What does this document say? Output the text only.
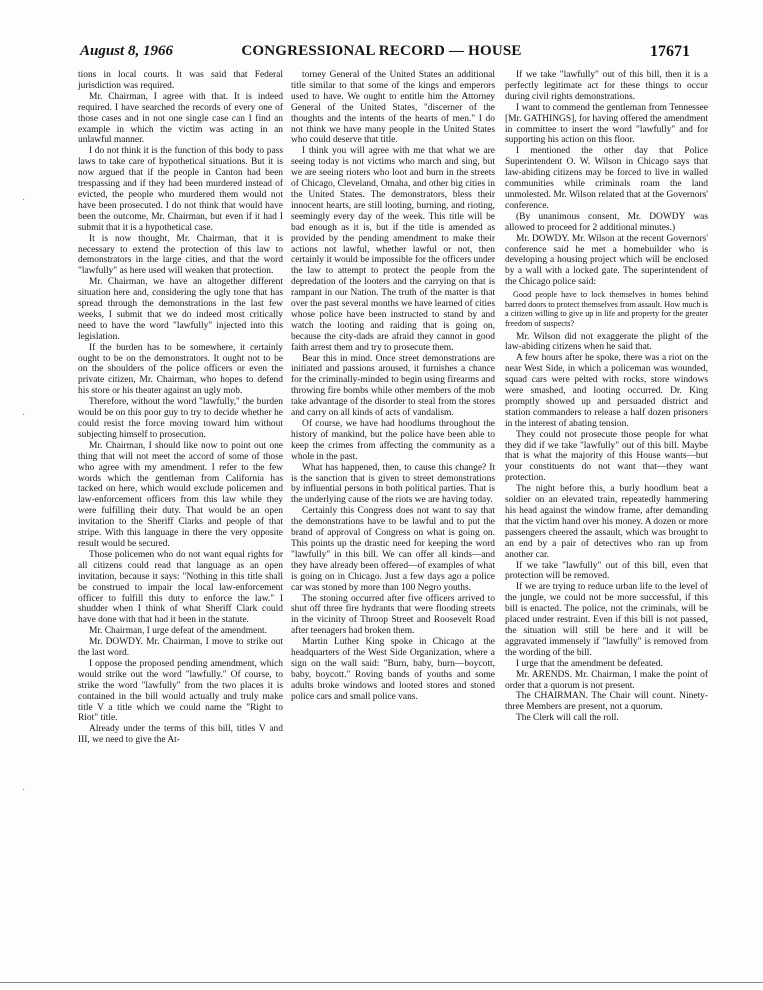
August 8, 1966	CONGRESSIONAL RECORD — HOUSE	17671

tions in local courts. It was said that Federal jurisdiction was required.

Mr. Chairman, I agree with that. It is indeed required. I have searched the records of every one of those cases and in not one single case can I find an example in which the victim was acting in an unlawful manner.

I do not think it is the function of this body to pass laws to take care of hypothetical situations. But it is now argued that if the people in Canton had been trespassing and if they had been murdered instead of evicted, the people who murdered them would not have been prosecuted. I do not think that would have been the outcome, Mr. Chairman, but even if it had I submit that it is a hypothetical case.

It is now thought, Mr. Chairman, that it is necessary to extend the protection of this law to demonstrators in the large cities, and that the word "lawfully" as here used will weaken that protection.

Mr. Chairman, we have an altogether different situation here and, considering the ugly tone that has spread through the demonstrations in the last few weeks, I submit that we do indeed most critically need to have the word "lawfully" injected into this legislation.

If the burden has to be somewhere, it certainly ought to be on the demonstrators. It ought not to be on the shoulders of the police officers or even the private citizen, Mr. Chairman, who hopes to defend his store or his theater against an ugly mob.

Therefore, without the word "lawfully," the burden would be on this poor guy to try to decide whether he could resist the force moving toward him without subjecting himself to prosecution.

Mr. Chairman, I should like now to point out one thing that will not meet the accord of some of those who agree with my amendment. I refer to the few words which the gentleman from California has tacked on here, which would exclude policemen and law-enforcement officers from this law while they were fulfilling their duty. That would be an open invitation to the Sheriff Clarks and people of that stripe. With this language in there the very opposite result would be secured.

Those policemen who do not want equal rights for all citizens could read that language as an open invitation, because it says: "Nothing in this title shall be construed to impair the local law-enforcement officer to fulfill this duty to enforce the law." I shudder when I think of what Sheriff Clark could have done with that had it been in the statute.

Mr. Chairman, I urge defeat of the amendment.

Mr. DOWDY. Mr. Chairman, I move to strike out the last word.

I oppose the proposed pending amendment, which would strike out the word "lawfully." Of course, to strike the word "lawfully" from the two places it is contained in the bill would actually and truly make title V a title which we could name the "Right to Riot" title.

Already under the terms of this bill, titles V and III, we need to give the At-

torney General of the United States an additional title similar to that some of the kings and emperors used to have. We ought to entitle him the Attorney General of the United States, "discerner of the thoughts and the intents of the hearts of men." I do not think we have many people in the United States who could deserve that title.

I think you will agree with me that what we are seeing today is not victims who march and sing, but we are seeing rioters who loot and burn in the streets of Chicago, Cleveland, Omaha, and other big cities in the United States. The demonstrators, bless their innocent hearts, are still looting, burning, and rioting, seemingly every day of the week. This title will be bad enough as it is, but if the title is amended as provided by the pending amendment to make their actions not lawful, whether lawful or not, then certainly it would be impossible for the officers under the law to attempt to protect the people from the depredation of the looters and the carrying on that is rampant in our Nation. The truth of the matter is that over the past several months we have learned of cities whose police have been instructed to stand by and watch the looting and raiding that is going on, because the city-dads are afraid they cannot in good faith arrest them and try to prosecute them.

Bear this in mind. Once street demonstrations are initiated and passions aroused, it furnishes a chance for the criminally-minded to begin using firearms and throwing fire bombs while other members of the mob take advantage of the disorder to steal from the stores and carry on all kinds of acts of vandalism.

Of course, we have had hoodlums throughout the history of mankind, but the police have been able to keep the crimes from affecting the community as a whole in the past.

What has happened, then, to cause this change? It is the sanction that is given to street demonstrations by influential persons in both political parties. That is the underlying cause of the riots we are having today.

Certainly this Congress does not want to say that the demonstrations have to be lawful and to put the brand of approval of Congress on what is going on. This points up the drastic need for keeping the word "lawfully" in this bill. We can offer all kinds—and they have already been offered—of examples of what is going on in Chicago. Just a few days ago a police car was stoned by more than 100 Negro youths.

The stoning occurred after five officers arrived to shut off three fire hydrants that were flooding streets in the vicinity of Throop Street and Roosevelt Road after teenagers had broken them.

Martin Luther King spoke in Chicago at the headquarters of the West Side Organization, where a sign on the wall said: "Burn, baby, burn—boycott, baby, boycott." Roving bands of youths and some adults broke windows and looted stores and stoned police cars and small police vans.

If we take "lawfully" out of this bill, then it is a perfectly legitimate act for these things to occur during civil rights demonstrations.

I want to commend the gentleman from Tennessee [Mr. GATHINGS], for having offered the amendment in committee to insert the word "lawfully" and for supporting his action on this floor.

I mentioned the other day that Police Superintendent O. W. Wilson in Chicago says that law-abiding citizens may be forced to live in walled communities while criminals roam the land unmolested. Mr. Wilson related that at the Governors' conference.

(By unanimous consent, Mr. DOWDY was allowed to proceed for 2 additional minutes.)

Mr. DOWDY. Mr. Wilson at the recent Governors' conference said he met a homebuilder who is developing a housing project which will be enclosed by a wall with a locked gate. The superintendent of the Chicago police said:

Good people have to lock themselves in homes behind barred doors to protect themselves from assault. How much is a citizen willing to give up in life and property for the greater freedom of suspects?

Mr. Wilson did not exaggerate the plight of the law-abiding citizens when he said that.

A few hours after he spoke, there was a riot on the near West Side, in which a policeman was wounded, squad cars were pelted with rocks, store windows were smashed, and looting occurred. Dr. King promptly showed up and persuaded district and station commanders to release a half dozen prisoners in the interest of abating tension.

They could not prosecute those people for what they did if we take "lawfully" out of this bill. Maybe that is what the majority of this House wants—but your constituents do not want that—they want protection.

The night before this, a burly hoodlum beat a soldier on an elevated train, repeatedly hammering his head against the window frame, after demanding that the victim hand over his money. A dozen or more passengers cheered the assault, which was brought to an end by a pair of detectives who ran up from another car.

If we take "lawfully" out of this bill, even that protection will be removed.

If we are trying to reduce urban life to the level of the jungle, we could not be more successful, if this bill is enacted. The police, not the criminals, will be placed under restraint. Even if this bill is not passed, the situation will still be here and it will be aggravated immensely if "lawfully" is removed from the wording of the bill.

I urge that the amendment be defeated.

Mr. ARENDS. Mr. Chairman, I make the point of order that a quorum is not present.

The CHAIRMAN. The Chair will count. Ninety-three Members are present, not a quorum.

The Clerk will call the roll.

·
·
·
